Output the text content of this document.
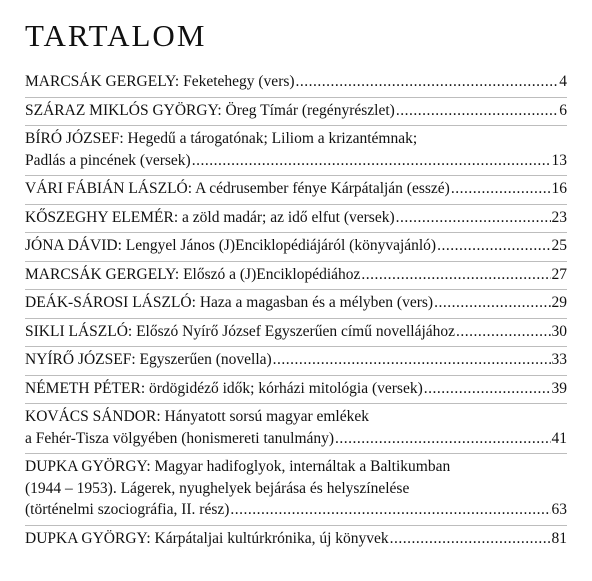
TARTALOM
MARCSÁK GERGELY: Feketehegy (vers) .....	4
SZÁRAZ MIKLÓS GYÖRGY: Öreg Tímár (regényrészlet) .....	6
BÍRÓ JÓZSEF: Hegedű a tárogatónak; Liliom a krizantémnak;
Padlás a pincének (versek) .....	13
VÁRI FÁBIÁN LÁSZLÓ: A cédrusember fénye Kárpátalján (esszé) .....	16
KŐSZEGHY ELEMÉR: a zöld madár; az idő elfut (versek) .....	23
JÓNA DÁVID: Lengyel János (J)Enciklopédiájáról (könyvajánló) .....	25
MARCSÁK GERGELY: Előszó a (J)Enciklopédiához .....	27
DEÁK-SÁROSI LÁSZLÓ: Haza a magasban és a mélyben (vers) .....	29
SIKLI LÁSZLÓ: Előszó Nyírő József Egyszerűen című novellájához .....	30
NYÍRŐ JÓZSEF: Egyszerűen (novella) .....	33
NÉMETH PÉTER: ördögidéző idők; kórházi mitológia (versek) .....	39
KOVÁCS SÁNDOR: Hányatott sorsú magyar emlékek
a Fehér-Tisza völgyében (honismereti tanulmány) .....	41
DUPKA GYÖRGY: Magyar hadifoglyok, internáltak a Baltikumban
(1944 – 1953). Lágerek, nyughelyek bejárása és helyszínelése
(történelmi szociográfia, II. rész) .....	63
DUPKA GYÖRGY: Kárpátaljai kultúrkrónika, új könyvek .....	81
